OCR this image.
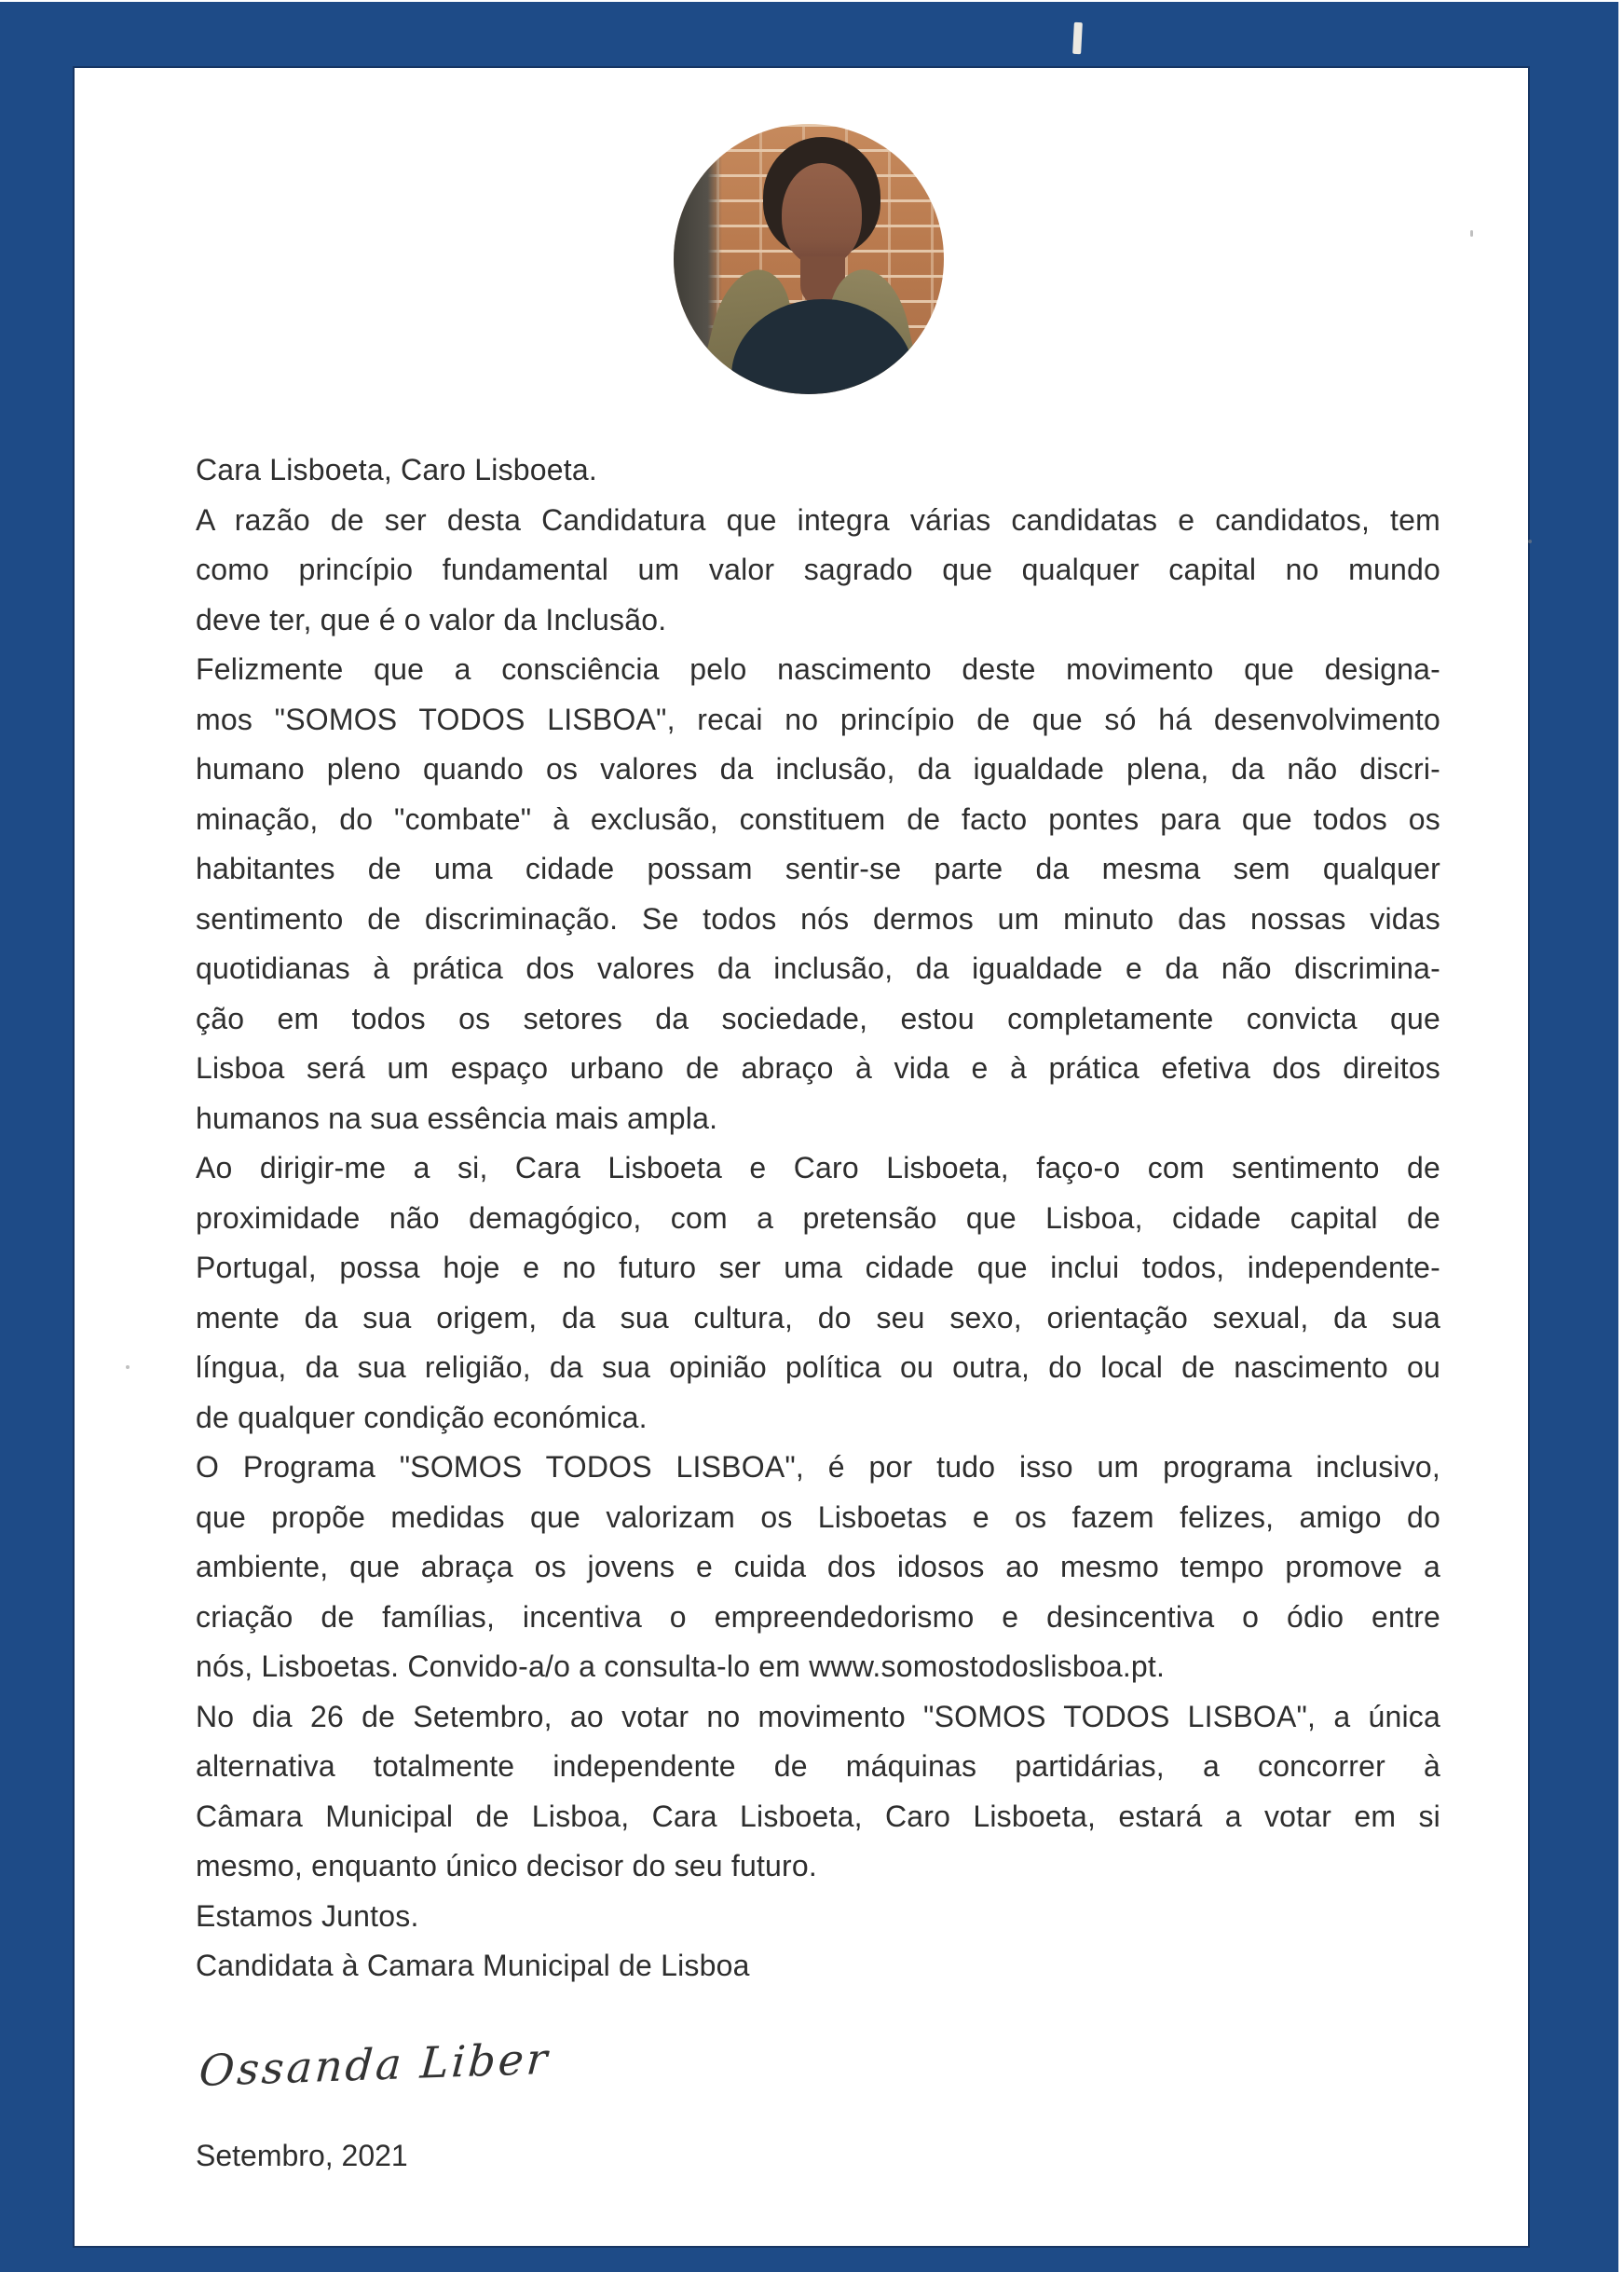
Cara Lisboeta, Caro Lisboeta.
A razão de ser desta Candidatura que integra várias candidatas e candidatos, tem
como princípio fundamental um valor sagrado que qualquer capital no mundo
deve ter, que é o valor da Inclusão.
Felizmente que a consciência pelo nascimento deste movimento que designa-
mos "SOMOS TODOS LISBOA", recai no princípio de que só há desenvolvimento
humano pleno quando os valores da inclusão, da igualdade plena, da não discri-
minação, do "combate" à exclusão, constituem de facto pontes para que todos os
habitantes de uma cidade possam sentir-se parte da mesma sem qualquer
sentimento de discriminação. Se todos nós dermos um minuto das nossas vidas
quotidianas à prática dos valores da inclusão, da igualdade e da não discrimina-
ção em todos os setores da sociedade, estou completamente convicta que
Lisboa será um espaço urbano de abraço à vida e à prática efetiva dos direitos
humanos na sua essência mais ampla.
Ao dirigir-me a si, Cara Lisboeta e Caro Lisboeta, faço-o com sentimento de
proximidade não demagógico, com a pretensão que Lisboa, cidade capital de
Portugal, possa hoje e no futuro ser uma cidade que inclui todos, independente-
mente da sua origem, da sua cultura, do seu sexo, orientação sexual, da sua
língua, da sua religião, da sua opinião política ou outra, do local de nascimento ou
de qualquer condição económica.
O Programa "SOMOS TODOS LISBOA", é por tudo isso um programa inclusivo,
que propõe medidas que valorizam os Lisboetas e os fazem felizes, amigo do
ambiente, que abraça os jovens e cuida dos idosos ao mesmo tempo promove a
criação de famílias, incentiva o empreendedorismo e desincentiva o ódio entre
nós, Lisboetas. Convido-a/o a consulta-lo em www.somostodoslisboa.pt.
No dia 26 de Setembro, ao votar no movimento "SOMOS TODOS LISBOA", a única
alternativa totalmente independente de máquinas partidárias, a concorrer à
Câmara Municipal de Lisboa, Cara Lisboeta, Caro Lisboeta, estará a votar em si
mesmo, enquanto único decisor do seu futuro.
Estamos Juntos.
Candidata à Camara Municipal de Lisboa
Ossanda Liber
Setembro, 2021
